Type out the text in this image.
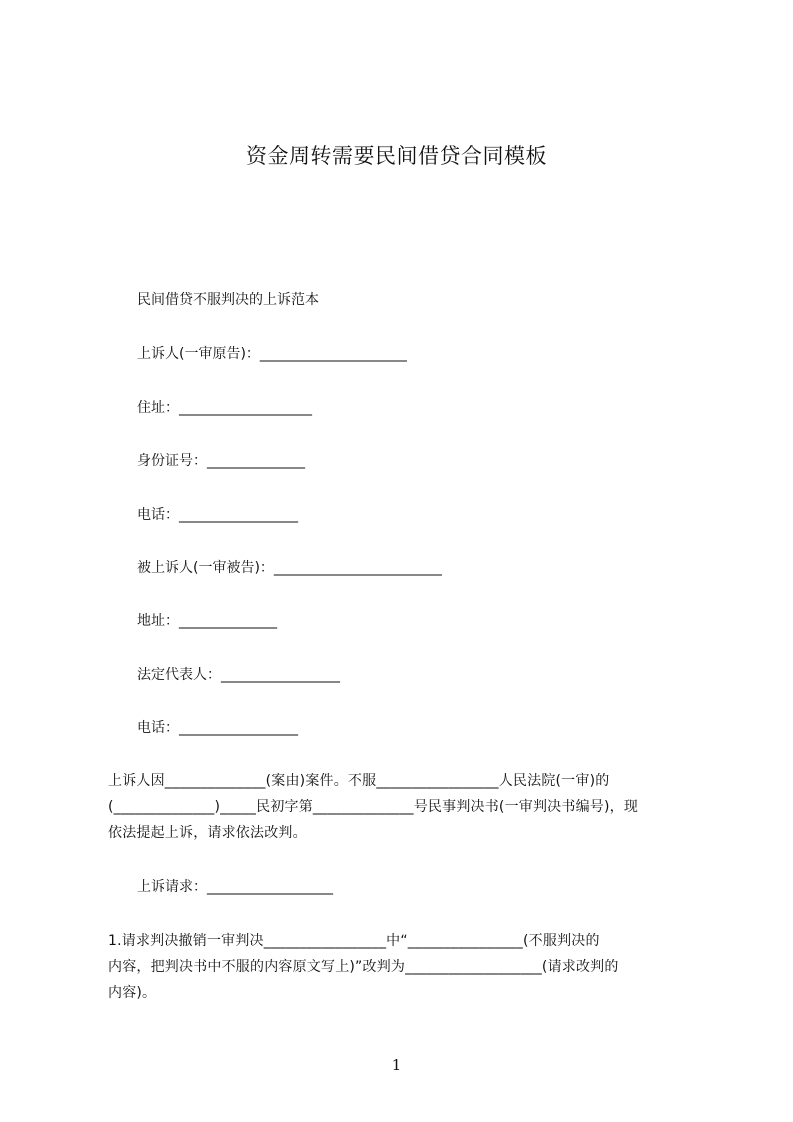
资金周转需要民间借贷合同模板
民间借贷不服判决的上诉范本
上诉人(一审原告)：_____________________
住址：___________________
身份证号：______________
电话：_________________
被上诉人(一审被告)：________________________
地址：______________
法定代表人：_________________
电话：_________________

上诉人因______________(案由)案件。不服_________________人民法院(一审)的

(______________)_____民初字第______________号民事判决书(一审判决书编号)，现

依法提起上诉，请求依法改判。

上诉请求：__________________

1.请求判决撤销一审判决_________________中“________________(不服判决的

内容，把判决书中不服的内容原文写上)”改判为___________________(请求改判的

内容)。

1
